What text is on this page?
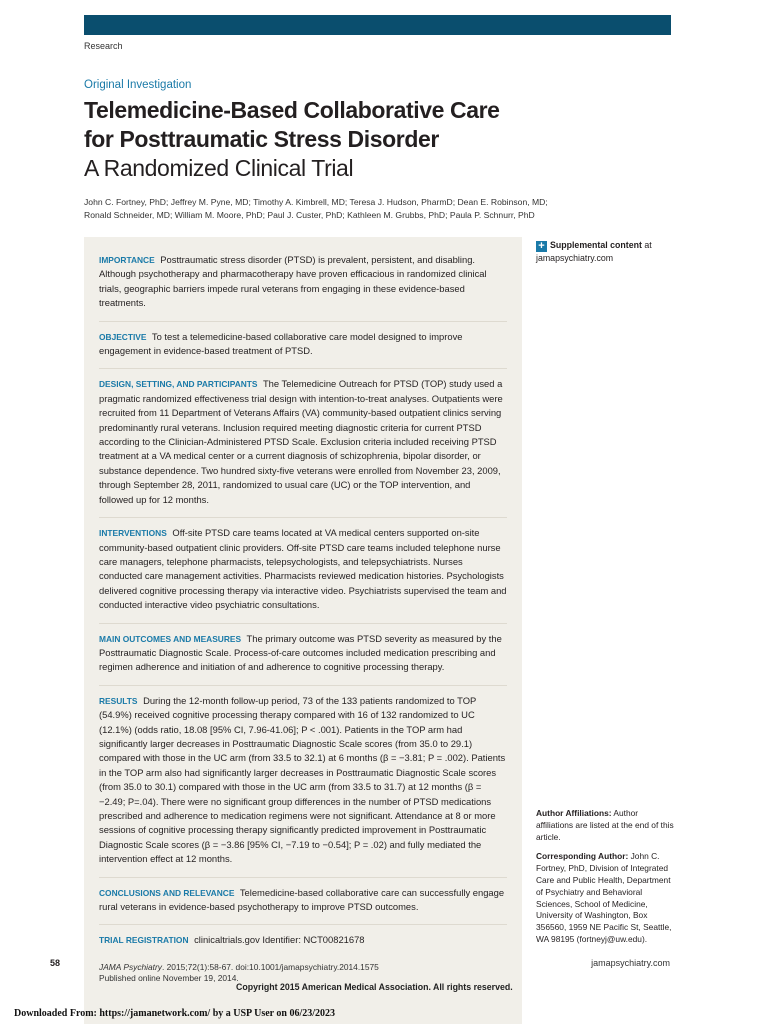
Research
Original Investigation
Telemedicine-Based Collaborative Care
for Posttraumatic Stress Disorder
A Randomized Clinical Trial
John C. Fortney, PhD; Jeffrey M. Pyne, MD; Timothy A. Kimbrell, MD; Teresa J. Hudson, PharmD; Dean E. Robinson, MD;
Ronald Schneider, MD; William M. Moore, PhD; Paul J. Custer, PhD; Kathleen M. Grubbs, PhD; Paula P. Schnurr, PhD

IMPORTANCE Posttraumatic stress disorder (PTSD) is prevalent, persistent, and disabling. Although psychotherapy and pharmacotherapy have proven efficacious in randomized clinical trials, geographic barriers impede rural veterans from engaging in these evidence-based treatments.

OBJECTIVE To test a telemedicine-based collaborative care model designed to improve engagement in evidence-based treatment of PTSD.

DESIGN, SETTING, AND PARTICIPANTS The Telemedicine Outreach for PTSD (TOP) study used a pragmatic randomized effectiveness trial design with intention-to-treat analyses. Outpatients were recruited from 11 Department of Veterans Affairs (VA) community-based outpatient clinics serving predominantly rural veterans. Inclusion required meeting diagnostic criteria for current PTSD according to the Clinician-Administered PTSD Scale. Exclusion criteria included receiving PTSD treatment at a VA medical center or a current diagnosis of schizophrenia, bipolar disorder, or substance dependence. Two hundred sixty-five veterans were enrolled from November 23, 2009, through September 28, 2011, randomized to usual care (UC) or the TOP intervention, and followed up for 12 months.

INTERVENTIONS Off-site PTSD care teams located at VA medical centers supported on-site community-based outpatient clinic providers. Off-site PTSD care teams included telephone nurse care managers, telephone pharmacists, telepsychologists, and telepsychiatrists. Nurses conducted care management activities. Pharmacists reviewed medication histories. Psychologists delivered cognitive processing therapy via interactive video. Psychiatrists supervised the team and conducted interactive video psychiatric consultations.

MAIN OUTCOMES AND MEASURES The primary outcome was PTSD severity as measured by the Posttraumatic Diagnostic Scale. Process-of-care outcomes included medication prescribing and regimen adherence and initiation of and adherence to cognitive processing therapy.

RESULTS During the 12-month follow-up period, 73 of the 133 patients randomized to TOP (54.9%) received cognitive processing therapy compared with 16 of 132 randomized to UC (12.1%) (odds ratio, 18.08 [95% CI, 7.96-41.06]; P < .001). Patients in the TOP arm had significantly larger decreases in Posttraumatic Diagnostic Scale scores (from 35.0 to 29.1) compared with those in the UC arm (from 33.5 to 32.1) at 6 months (β = −3.81; P = .002). Patients in the TOP arm also had significantly larger decreases in Posttraumatic Diagnostic Scale scores (from 35.0 to 30.1) compared with those in the UC arm (from 33.5 to 31.7) at 12 months (β = −2.49; P=.04). There were no significant group differences in the number of PTSD medications prescribed and adherence to medication regimens were not significant. Attendance at 8 or more sessions of cognitive processing therapy significantly predicted improvement in Posttraumatic Diagnostic Scale scores (β = −3.86 [95% CI, −7.19 to −0.54]; P = .02) and fully mediated the intervention effect at 12 months.

CONCLUSIONS AND RELEVANCE Telemedicine-based collaborative care can successfully engage rural veterans in evidence-based psychotherapy to improve PTSD outcomes.

TRIAL REGISTRATION clinicaltrials.gov Identifier: NCT00821678

JAMA Psychiatry. 2015;72(1):58-67. doi:10.1001/jamapsychiatry.2014.1575
Published online November 19, 2014.

+ Supplemental content at jamapsychiatry.com

Author Affiliations: Author affiliations are listed at the end of this article.

Corresponding Author: John C. Fortney, PhD, Division of Integrated Care and Public Health, Department of Psychiatry and Behavioral Sciences, School of Medicine, University of Washington, Box 356560, 1959 NE Pacific St, Seattle, WA 98195 (fortneyj@uw.edu).

58	jamapsychiatry.com
Copyright 2015 American Medical Association. All rights reserved.
Downloaded From: https://jamanetwork.com/ by a USP User on 06/23/2023
